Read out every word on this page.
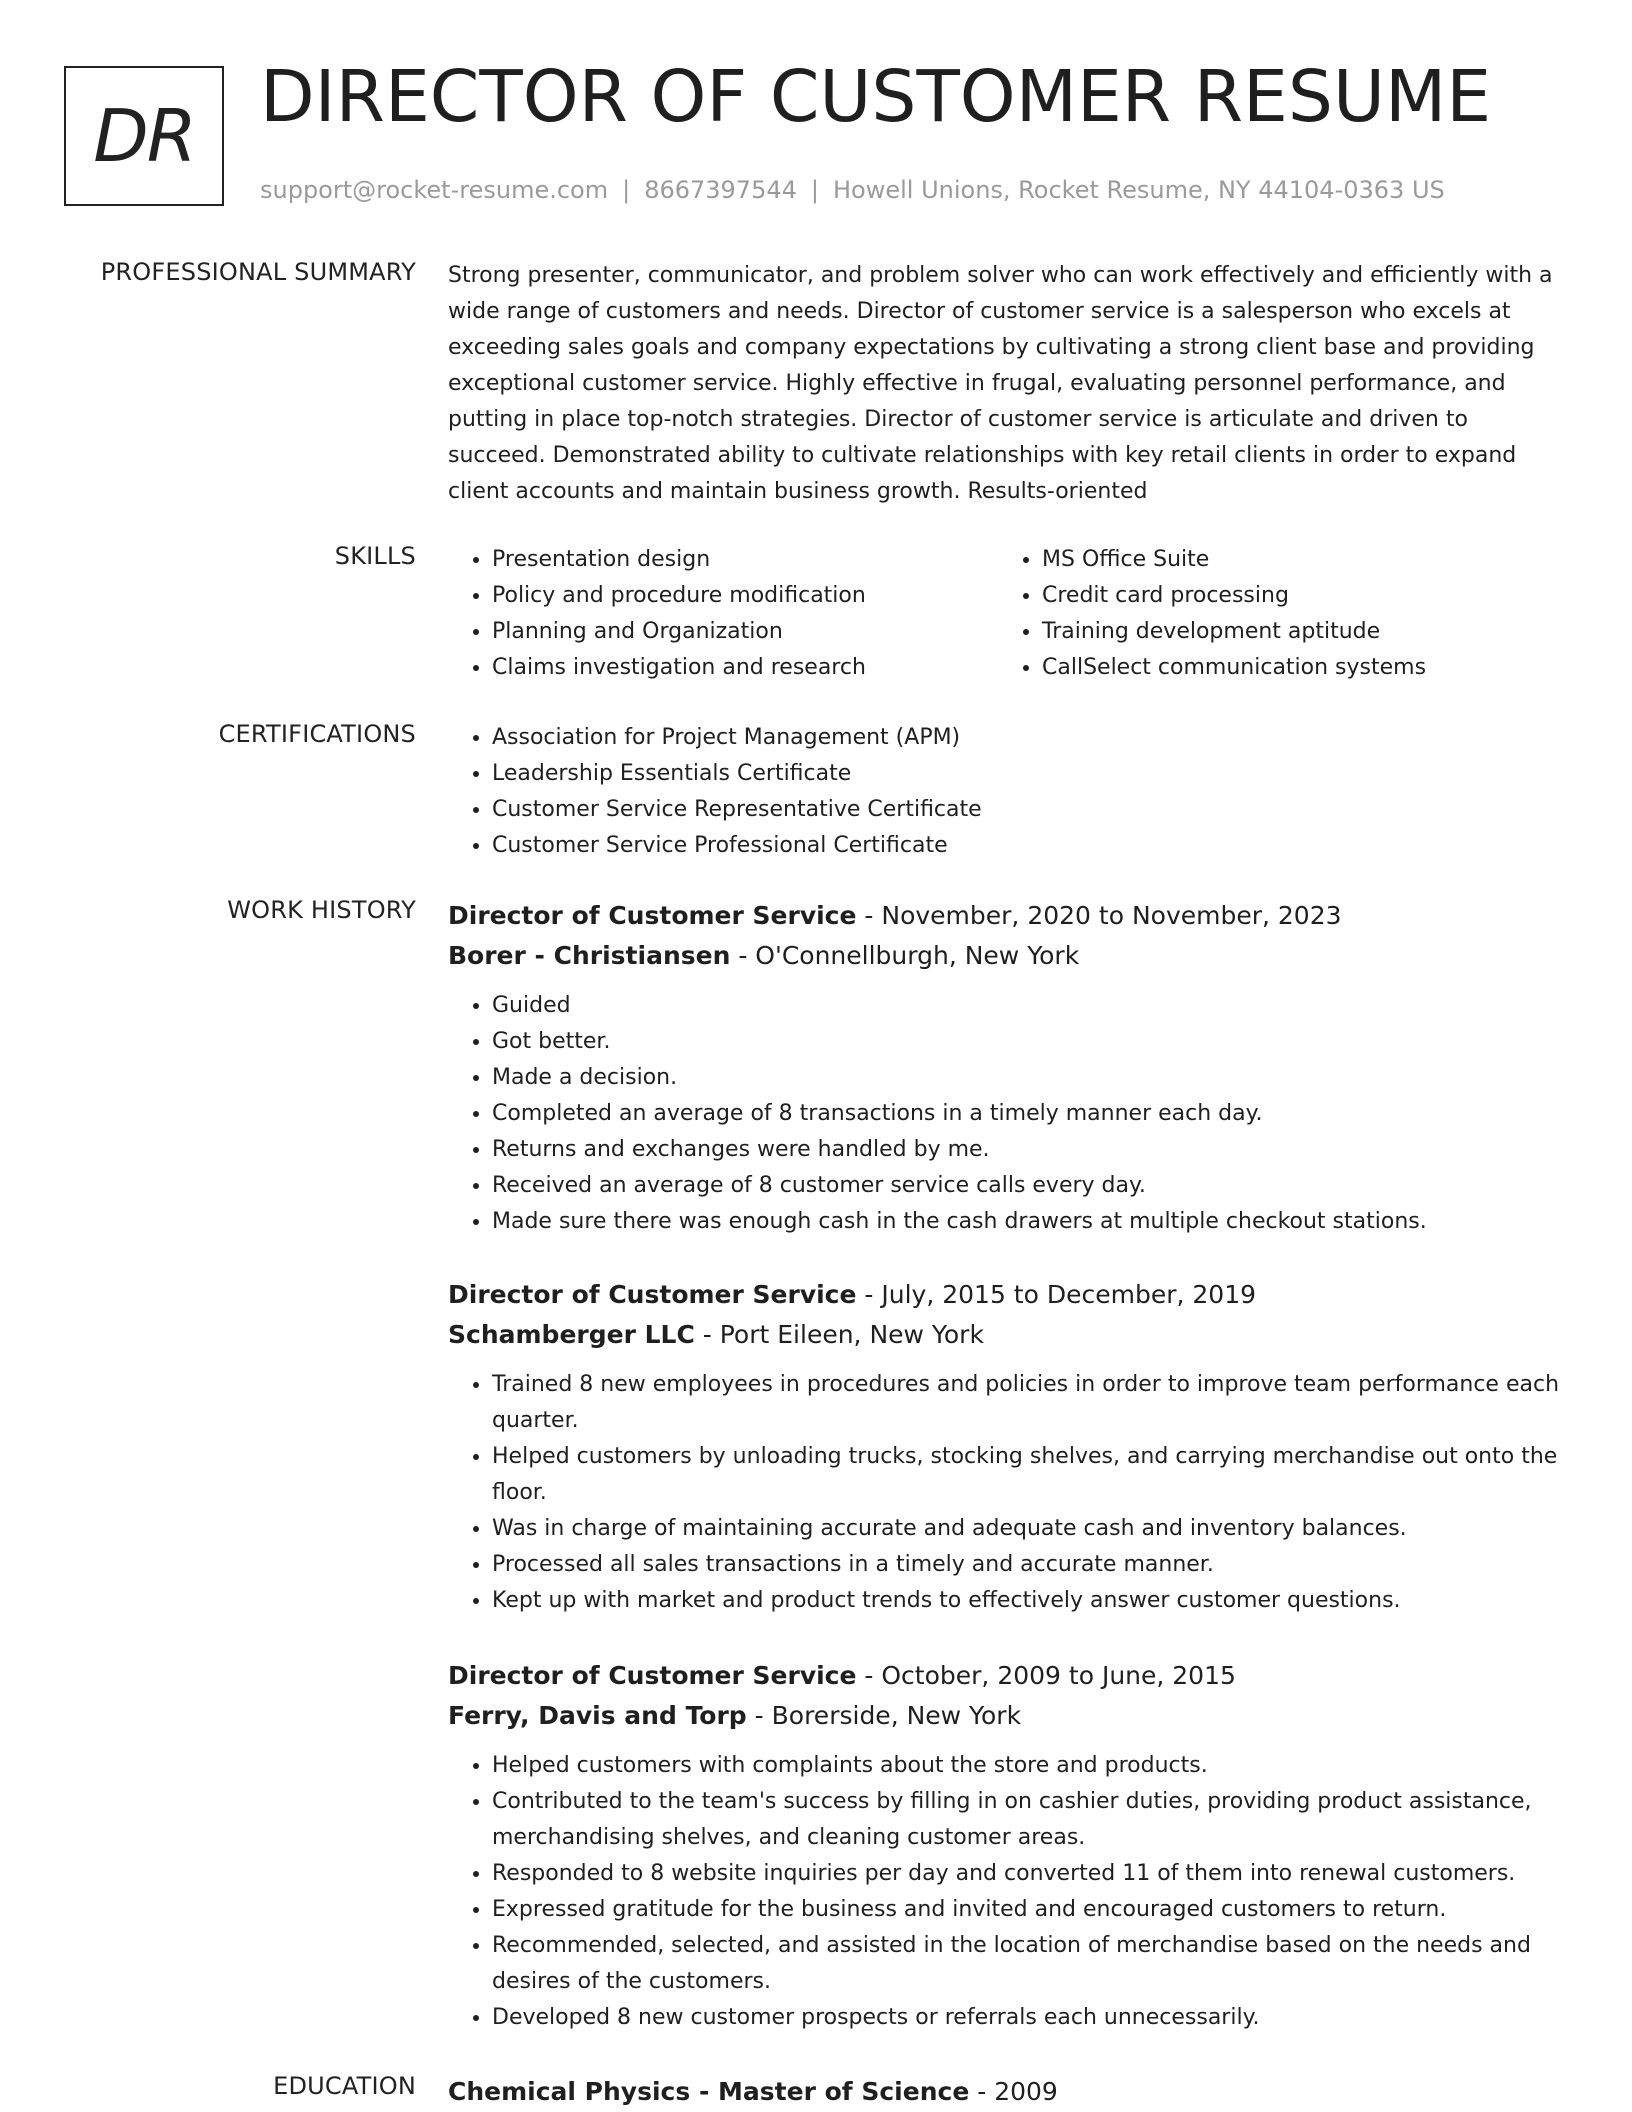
DR DIRECTOR OF CUSTOMER RESUME
support@rocket-resume.com | 8667397544 | Howell Unions, Rocket Resume, NY 44104-0363 US
PROFESSIONAL SUMMARY Strong presenter, communicator, and problem solver who can work effectively and efficiently with a wide range of customers and needs. Director of customer service is a salesperson who excels at exceeding sales goals and company expectations by cultivating a strong client base and providing exceptional customer service. Highly effective in frugal, evaluating personnel performance, and putting in place top-notch strategies. Director of customer service is articulate and driven to succeed. Demonstrated ability to cultivate relationships with key retail clients in order to expand client accounts and maintain business growth. Results-oriented

SKILLS	• Presentation design
• Policy and procedure modification
• Planning and Organization
• Claims investigation and research
• MS Office Suite
• Credit card processing
• Training development aptitude
• CallSelect communication systems
CERTIFICATIONS	• Association for Project Management (APM)
• Leadership Essentials Certificate
• Customer Service Representative Certificate
• Customer Service Professional Certificate
WORK HISTORY Director of Customer Service - November, 2020 to November, 2023
Borer - Christiansen - O'Connellburgh, New York
• Guided
• Got better.
• Made a decision.
• Completed an average of 8 transactions in a timely manner each day.
• Returns and exchanges were handled by me.
• Received an average of 8 customer service calls every day.
• Made sure there was enough cash in the cash drawers at multiple checkout stations.
Director of Customer Service - July, 2015 to December, 2019
Schamberger LLC - Port Eileen, New York
• Trained 8 new employees in procedures and policies in order to improve team performance each quarter.
• Helped customers by unloading trucks, stocking shelves, and carrying merchandise out onto the floor.
• Was in charge of maintaining accurate and adequate cash and inventory balances.
• Processed all sales transactions in a timely and accurate manner.
• Kept up with market and product trends to effectively answer customer questions.
Director of Customer Service - October, 2009 to June, 2015
Ferry, Davis and Torp - Borerside, New York
• Helped customers with complaints about the store and products.
• Contributed to the team's success by filling in on cashier duties, providing product assistance, merchandising shelves, and cleaning customer areas.
• Responded to 8 website inquiries per day and converted 11 of them into renewal customers.
• Expressed gratitude for the business and invited and encouraged customers to return.
• Recommended, selected, and assisted in the location of merchandise based on the needs and desires of the customers.
• Developed 8 new customer prospects or referrals each unnecessarily.
EDUCATION Chemical Physics - Master of Science - 2009
